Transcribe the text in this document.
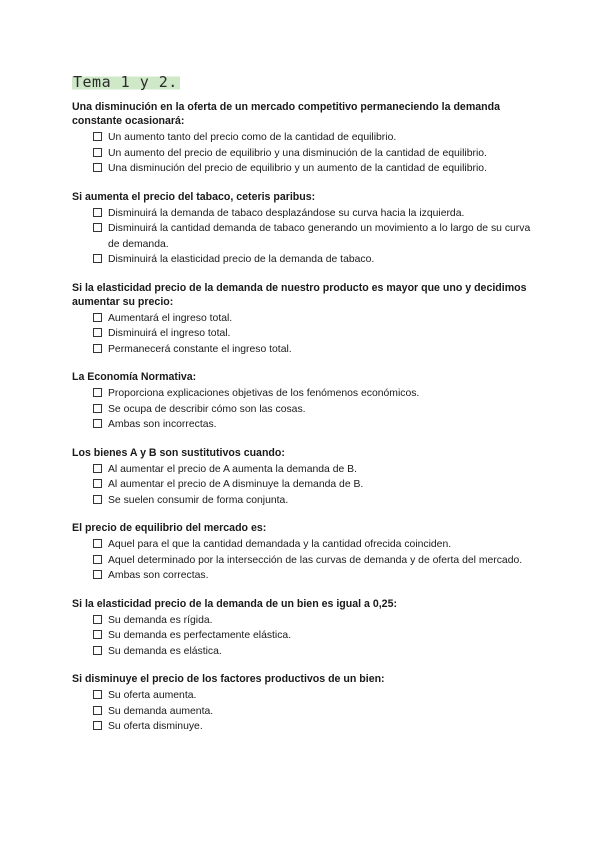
Tema 1 y 2.
Una disminución en la oferta de un mercado competitivo permaneciendo la demanda constante ocasionará:
Un aumento tanto del precio como de la cantidad de equilibrio.
Un aumento del precio de equilibrio y una disminución de la cantidad de equilibrio.
Una disminución del precio de equilibrio y un aumento de la cantidad de equilibrio.
Si aumenta el precio del tabaco, ceteris paribus:
Disminuirá la demanda de tabaco desplazándose su curva hacia la izquierda.
Disminuirá la cantidad demanda de tabaco generando un movimiento a lo largo de su curva de demanda.
Disminuirá la elasticidad precio de la demanda de tabaco.
Si la elasticidad precio de la demanda de nuestro producto es mayor que uno y decidimos aumentar su precio:
Aumentará el ingreso total.
Disminuirá el ingreso total.
Permanecerá constante el ingreso total.
La Economía Normativa:
Proporciona explicaciones objetivas de los fenómenos económicos.
Se ocupa de describir cómo son las cosas.
Ambas son incorrectas.
Los bienes A y B son sustitutivos cuando:
Al aumentar el precio de A aumenta la demanda de B.
Al aumentar el precio de A disminuye la demanda de B.
Se suelen consumir de forma conjunta.
El precio de equilibrio del mercado es:
Aquel para el que la cantidad demandada y la cantidad ofrecida coinciden.
Aquel determinado por la intersección de las curvas de demanda y de oferta del mercado.
Ambas son correctas.
Si la elasticidad precio de la demanda de un bien es igual a 0,25:
Su demanda es rígida.
Su demanda es perfectamente elástica.
Su demanda es elástica.
Si disminuye el precio de los factores productivos de un bien:
Su oferta aumenta.
Su demanda aumenta.
Su oferta disminuye.
